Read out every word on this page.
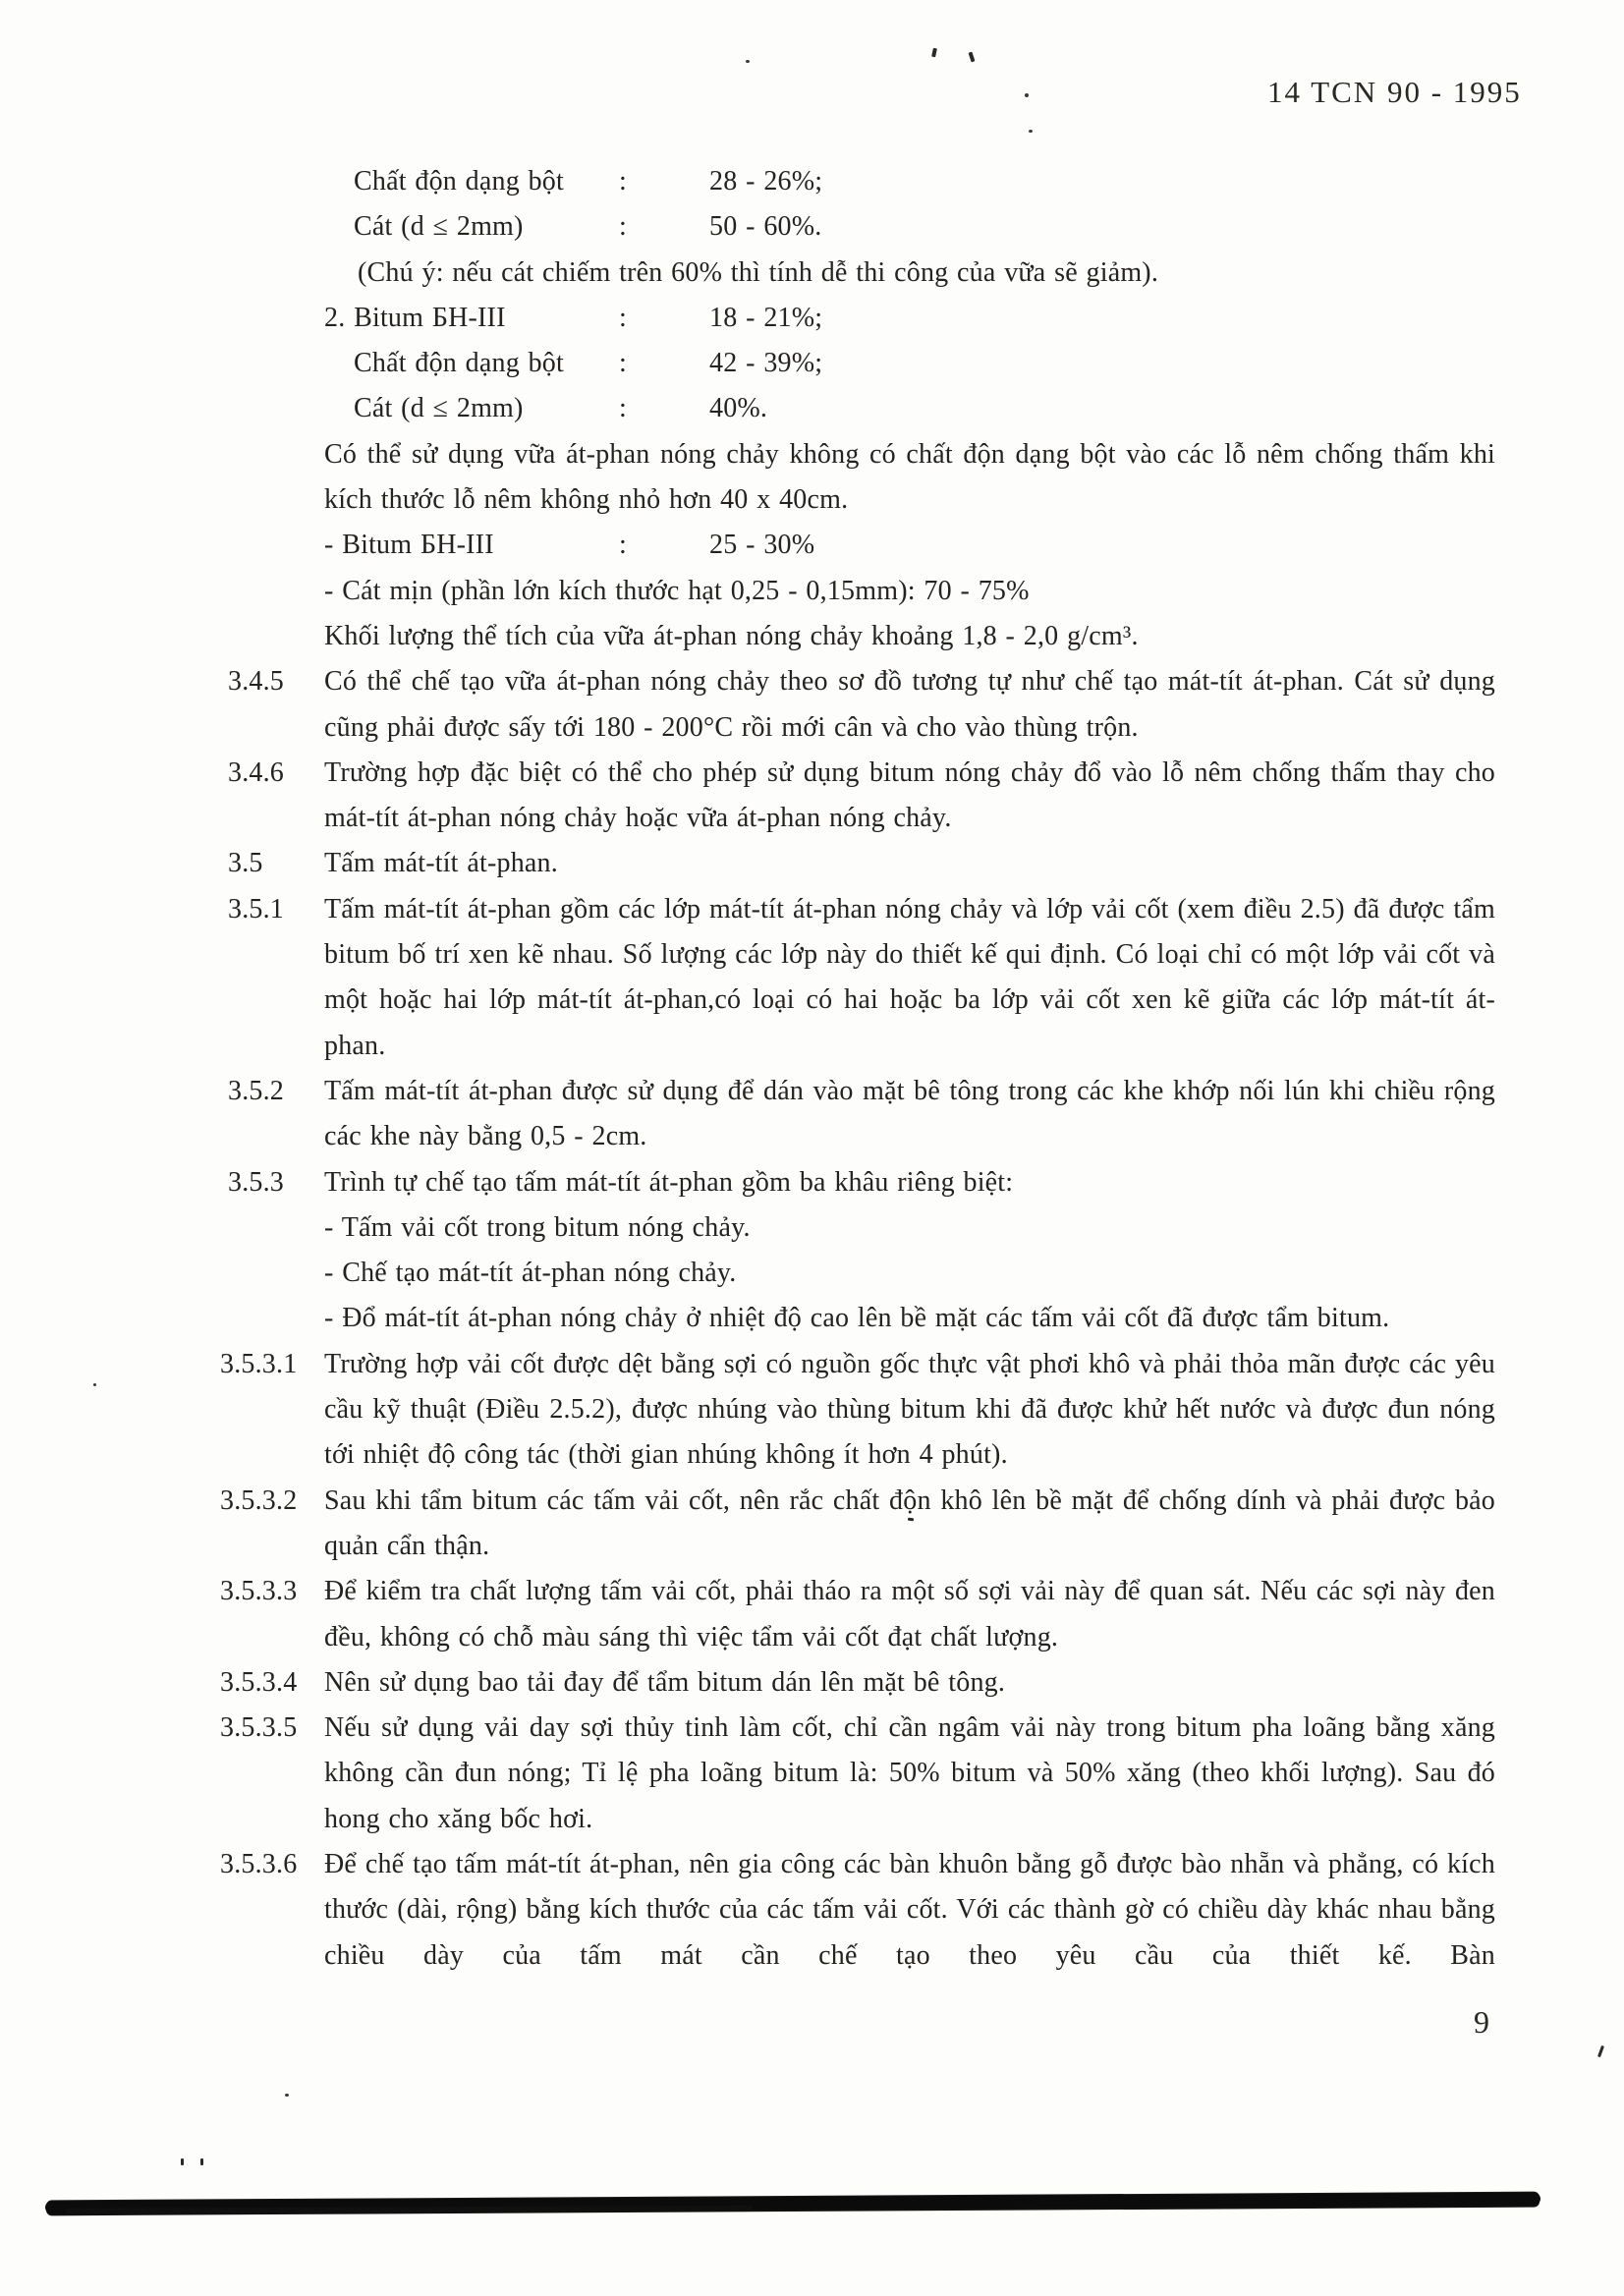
14 TCN 90 - 1995
Chất độn dạng bột :	28 - 26%;
Cát (d ≤ 2mm)	:	50 - 60%.
(Chú ý: nếu cát chiếm trên 60% thì tính dễ thi công của vữa sẽ giảm).
2. Bitum БН-III	:	18 - 21%;
Chất độn dạng bột :	42 - 39%;
Cát (d ≤ 2mm)	:	40%.

Có thể sử dụng vữa át-phan nóng chảy không có chất độn dạng bột vào các lỗ nêm chống thấm khi kích thước lỗ nêm không nhỏ hơn 40 x 40cm.

- Bitum БН-III	:	25 - 30%
- Cát mịn (phần lớn kích thước hạt 0,25 - 0,15mm): 70 - 75%

Khối lượng thể tích của vữa át-phan nóng chảy khoảng 1,8 - 2,0 g/cm³.

3.4.5 Có thể chế tạo vữa át-phan nóng chảy theo sơ đồ tương tự như chế tạo mát-tít át-phan. Cát sử dụng cũng phải được sấy tới 180 - 200°C rồi mới cân và cho vào thùng trộn.

3.4.6 Trường hợp đặc biệt có thể cho phép sử dụng bitum nóng chảy đổ vào lỗ nêm chống thấm thay cho mát-tít át-phan nóng chảy hoặc vữa át-phan nóng chảy.

3.5 Tấm mát-tít át-phan.

3.5.1 Tấm mát-tít át-phan gồm các lớp mát-tít át-phan nóng chảy và lớp vải cốt (xem điều 2.5) đã được tẩm bitum bố trí xen kẽ nhau. Số lượng các lớp này do thiết kế qui định. Có loại chỉ có một lớp vải cốt và một hoặc hai lớp mát-tít át-phan,có loại có hai hoặc ba lớp vải cốt xen kẽ giữa các lớp mát-tít át-phan.

3.5.2 Tấm mát-tít át-phan được sử dụng để dán vào mặt bê tông trong các khe khớp nối lún khi chiều rộng các khe này bằng 0,5 - 2cm.

3.5.3 Trình tự chế tạo tấm mát-tít át-phan gồm ba khâu riêng biệt:

- Tấm vải cốt trong bitum nóng chảy.
- Chế tạo mát-tít át-phan nóng chảy.
- Đổ mát-tít át-phan nóng chảy ở nhiệt độ cao lên bề mặt các tấm vải cốt đã được tẩm bitum.
3.5.3.1 Trường hợp vải cốt được dệt bằng sợi có nguồn gốc thực vật phơi khô và phải thỏa mãn được các yêu cầu kỹ thuật (Điều 2.5.2), được nhúng vào thùng bitum khi đã được khử hết nước và được đun nóng tới nhiệt độ công tác (thời gian nhúng không ít hơn 4 phút).

3.5.3.2 Sau khi tẩm bitum các tấm vải cốt, nên rắc chất độn khô lên bề mặt để chống dính và phải được bảo quản cẩn thận.

3.5.3.3 Để kiểm tra chất lượng tấm vải cốt, phải tháo ra một số sợi vải này để quan sát. Nếu các sợi này đen đều, không có chỗ màu sáng thì việc tẩm vải cốt đạt chất lượng.

3.5.3.4 Nên sử dụng bao tải đay để tẩm bitum dán lên mặt bê tông.

3.5.3.5 Nếu sử dụng vải day sợi thủy tinh làm cốt, chỉ cần ngâm vải này trong bitum pha loãng bằng xăng không cần đun nóng; Tỉ lệ pha loãng bitum là: 50% bitum và 50% xăng (theo khối lượng). Sau đó hong cho xăng bốc hơi.

3.5.3.6 Để chế tạo tấm mát-tít át-phan, nên gia công các bàn khuôn bằng gỗ được bào nhẵn và phẳng, có kích thước (dài, rộng) bằng kích thước của các tấm vải cốt. Với các thành gờ có chiều dày khác nhau bằng chiều dày của tấm mát cần chế tạo theo yêu cầu của thiết kế. Bàn

9
